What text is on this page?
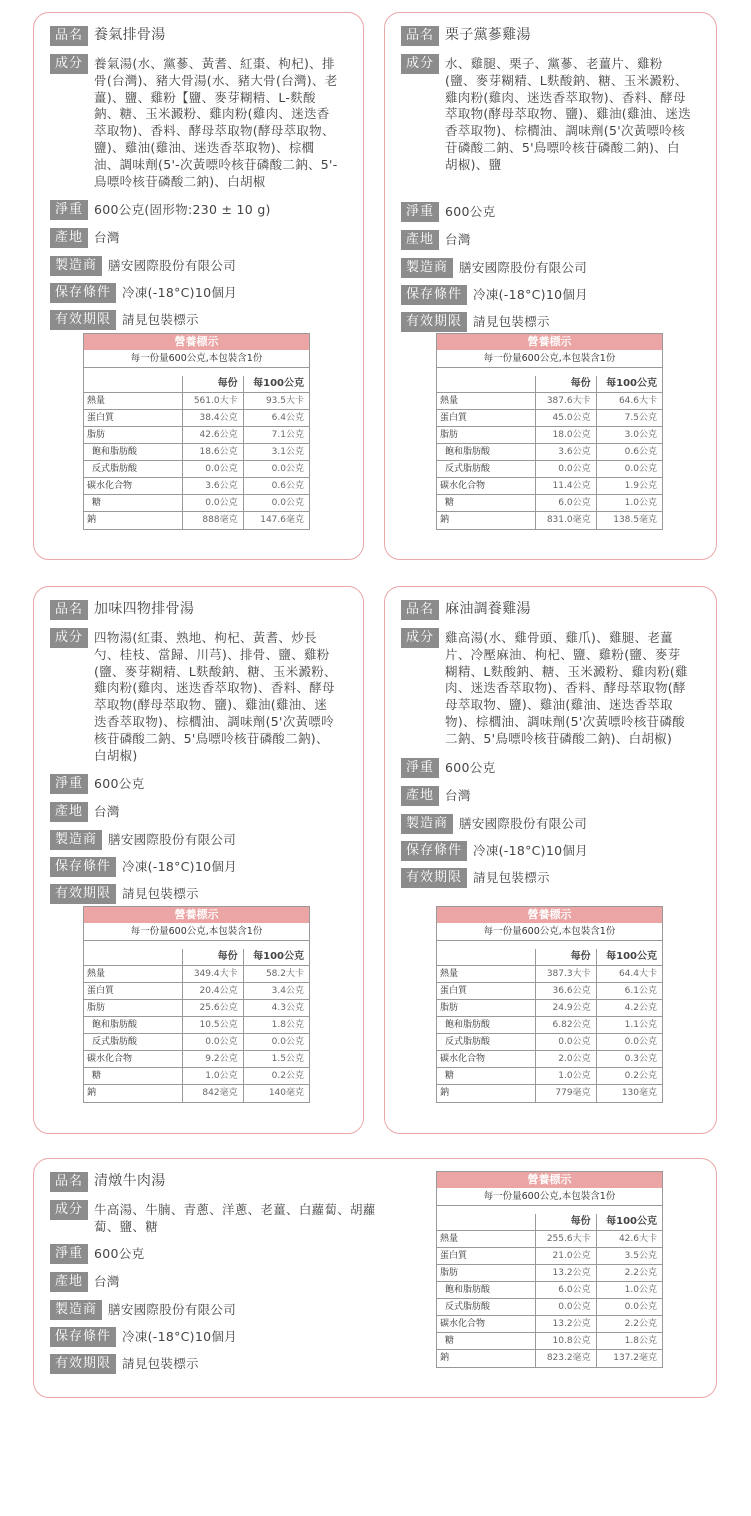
品名 養氣排骨湯
成分 養氣湯(水、黨蔘、黃耆、紅棗、枸杞)、排骨(台灣)、豬大骨湯(水、豬大骨(台灣)、老薑)、鹽、雞粉【鹽、麥芽糊精、L-麩酸鈉、糖、玉米澱粉、雞肉粉(雞肉、迷迭香萃取物)、香料、酵母萃取物(酵母萃取物、鹽)、雞油(雞油、迷迭香萃取物)、棕櫚油、調味劑(5'-次黃嘌呤核苷磷酸二鈉、5'-鳥嘌呤核苷磷酸二鈉)、白胡椒
淨重 600公克(固形物:230 ± 10 g)
產地 台灣
製造商 膳安國際股份有限公司
保存條件 冷凍(-18°C)10個月
有效期限 請見包裝標示
營養標示
每一份量600公克,本包裝含1份
每份	每100公克
熱量	561.0大卡	93.5大卡
蛋白質	38.4公克	6.4公克
脂肪	42.6公克	7.1公克
飽和脂肪酸	18.6公克	3.1公克
反式脂肪酸	0.0公克	0.0公克
碳水化合物	3.6公克	0.6公克
糖	0.0公克	0.0公克
鈉	888毫克	147.6毫克
品名 栗子黨蔘雞湯
成分 水、雞腿、栗子、黨蔘、老薑片、雞粉(鹽、麥芽糊精、L麩酸鈉、糖、玉米澱粉、雞肉粉(雞肉、迷迭香萃取物)、香料、酵母萃取物(酵母萃取物、鹽)、雞油(雞油、迷迭香萃取物)、棕櫚油、調味劑(5'次黃嘌呤核苷磷酸二鈉、5'鳥嘌呤核苷磷酸二鈉)、白胡椒)、鹽
淨重 600公克
產地 台灣
製造商 膳安國際股份有限公司
保存條件 冷凍(-18°C)10個月
有效期限 請見包裝標示
營養標示
每一份量600公克,本包裝含1份
每份	每100公克
熱量	387.6大卡	64.6大卡
蛋白質	45.0公克	7.5公克
脂肪	18.0公克	3.0公克
飽和脂肪酸	3.6公克	0.6公克
反式脂肪酸	0.0公克	0.0公克
碳水化合物	11.4公克	1.9公克
糖	6.0公克	1.0公克
鈉	831.0毫克	138.5毫克
品名 加味四物排骨湯
成分 四物湯(紅棗、熟地、枸杞、黃耆、炒長勺、桂枝、當歸、川芎)、排骨、鹽、雞粉(鹽、麥芽糊精、L麩酸鈉、糖、玉米澱粉、雞肉粉(雞肉、迷迭香萃取物)、香料、酵母萃取物(酵母萃取物、鹽)、雞油(雞油、迷迭香萃取物)、棕櫚油、調味劑(5'次黃嘌呤核苷磷酸二鈉、5'鳥嘌呤核苷磷酸二鈉)、白胡椒)
淨重 600公克
產地 台灣
製造商 膳安國際股份有限公司
保存條件 冷凍(-18°C)10個月
有效期限 請見包裝標示
營養標示
每一份量600公克,本包裝含1份
每份	每100公克
熱量	349.4大卡	58.2大卡
蛋白質	20.4公克	3.4公克
脂肪	25.6公克	4.3公克
飽和脂肪酸	10.5公克	1.8公克
反式脂肪酸	0.0公克	0.0公克
碳水化合物	9.2公克	1.5公克
糖	1.0公克	0.2公克
鈉	842毫克	140毫克
品名 麻油調養雞湯
成分 雞高湯(水、雞骨頭、雞爪)、雞腿、老薑片、冷壓麻油、枸杞、鹽、雞粉(鹽、麥芽糊精、L麩酸鈉、糖、玉米澱粉、雞肉粉(雞肉、迷迭香萃取物)、香料、酵母萃取物(酵母萃取物、鹽)、雞油(雞油、迷迭香萃取物)、棕櫚油、調味劑(5'次黃嘌呤核苷磷酸二鈉、5'鳥嘌呤核苷磷酸二鈉)、白胡椒)
淨重 600公克
產地 台灣
製造商 膳安國際股份有限公司
保存條件 冷凍(-18°C)10個月
有效期限 請見包裝標示
營養標示
每一份量600公克,本包裝含1份
每份	每100公克
熱量	387.3大卡	64.4大卡
蛋白質	36.6公克	6.1公克
脂肪	24.9公克	4.2公克
飽和脂肪酸	6.82公克	1.1公克
反式脂肪酸	0.0公克	0.0公克
碳水化合物	2.0公克	0.3公克
糖	1.0公克	0.2公克
鈉	779毫克	130毫克
品名 清燉牛肉湯
成分 牛高湯、牛腩、青蔥、洋蔥、老薑、白蘿蔔、胡蘿蔔、鹽、糖
淨重 600公克
產地 台灣
製造商 膳安國際股份有限公司
保存條件 冷凍(-18°C)10個月
有效期限 請見包裝標示
營養標示
每一份量600公克,本包裝含1份
每份	每100公克
熱量	255.6大卡	42.6大卡
蛋白質	21.0公克	3.5公克
脂肪	13.2公克	2.2公克
飽和脂肪酸	6.0公克	1.0公克
反式脂肪酸	0.0公克	0.0公克
碳水化合物	13.2公克	2.2公克
糖	10.8公克	1.8公克
鈉	823.2毫克	137.2毫克
